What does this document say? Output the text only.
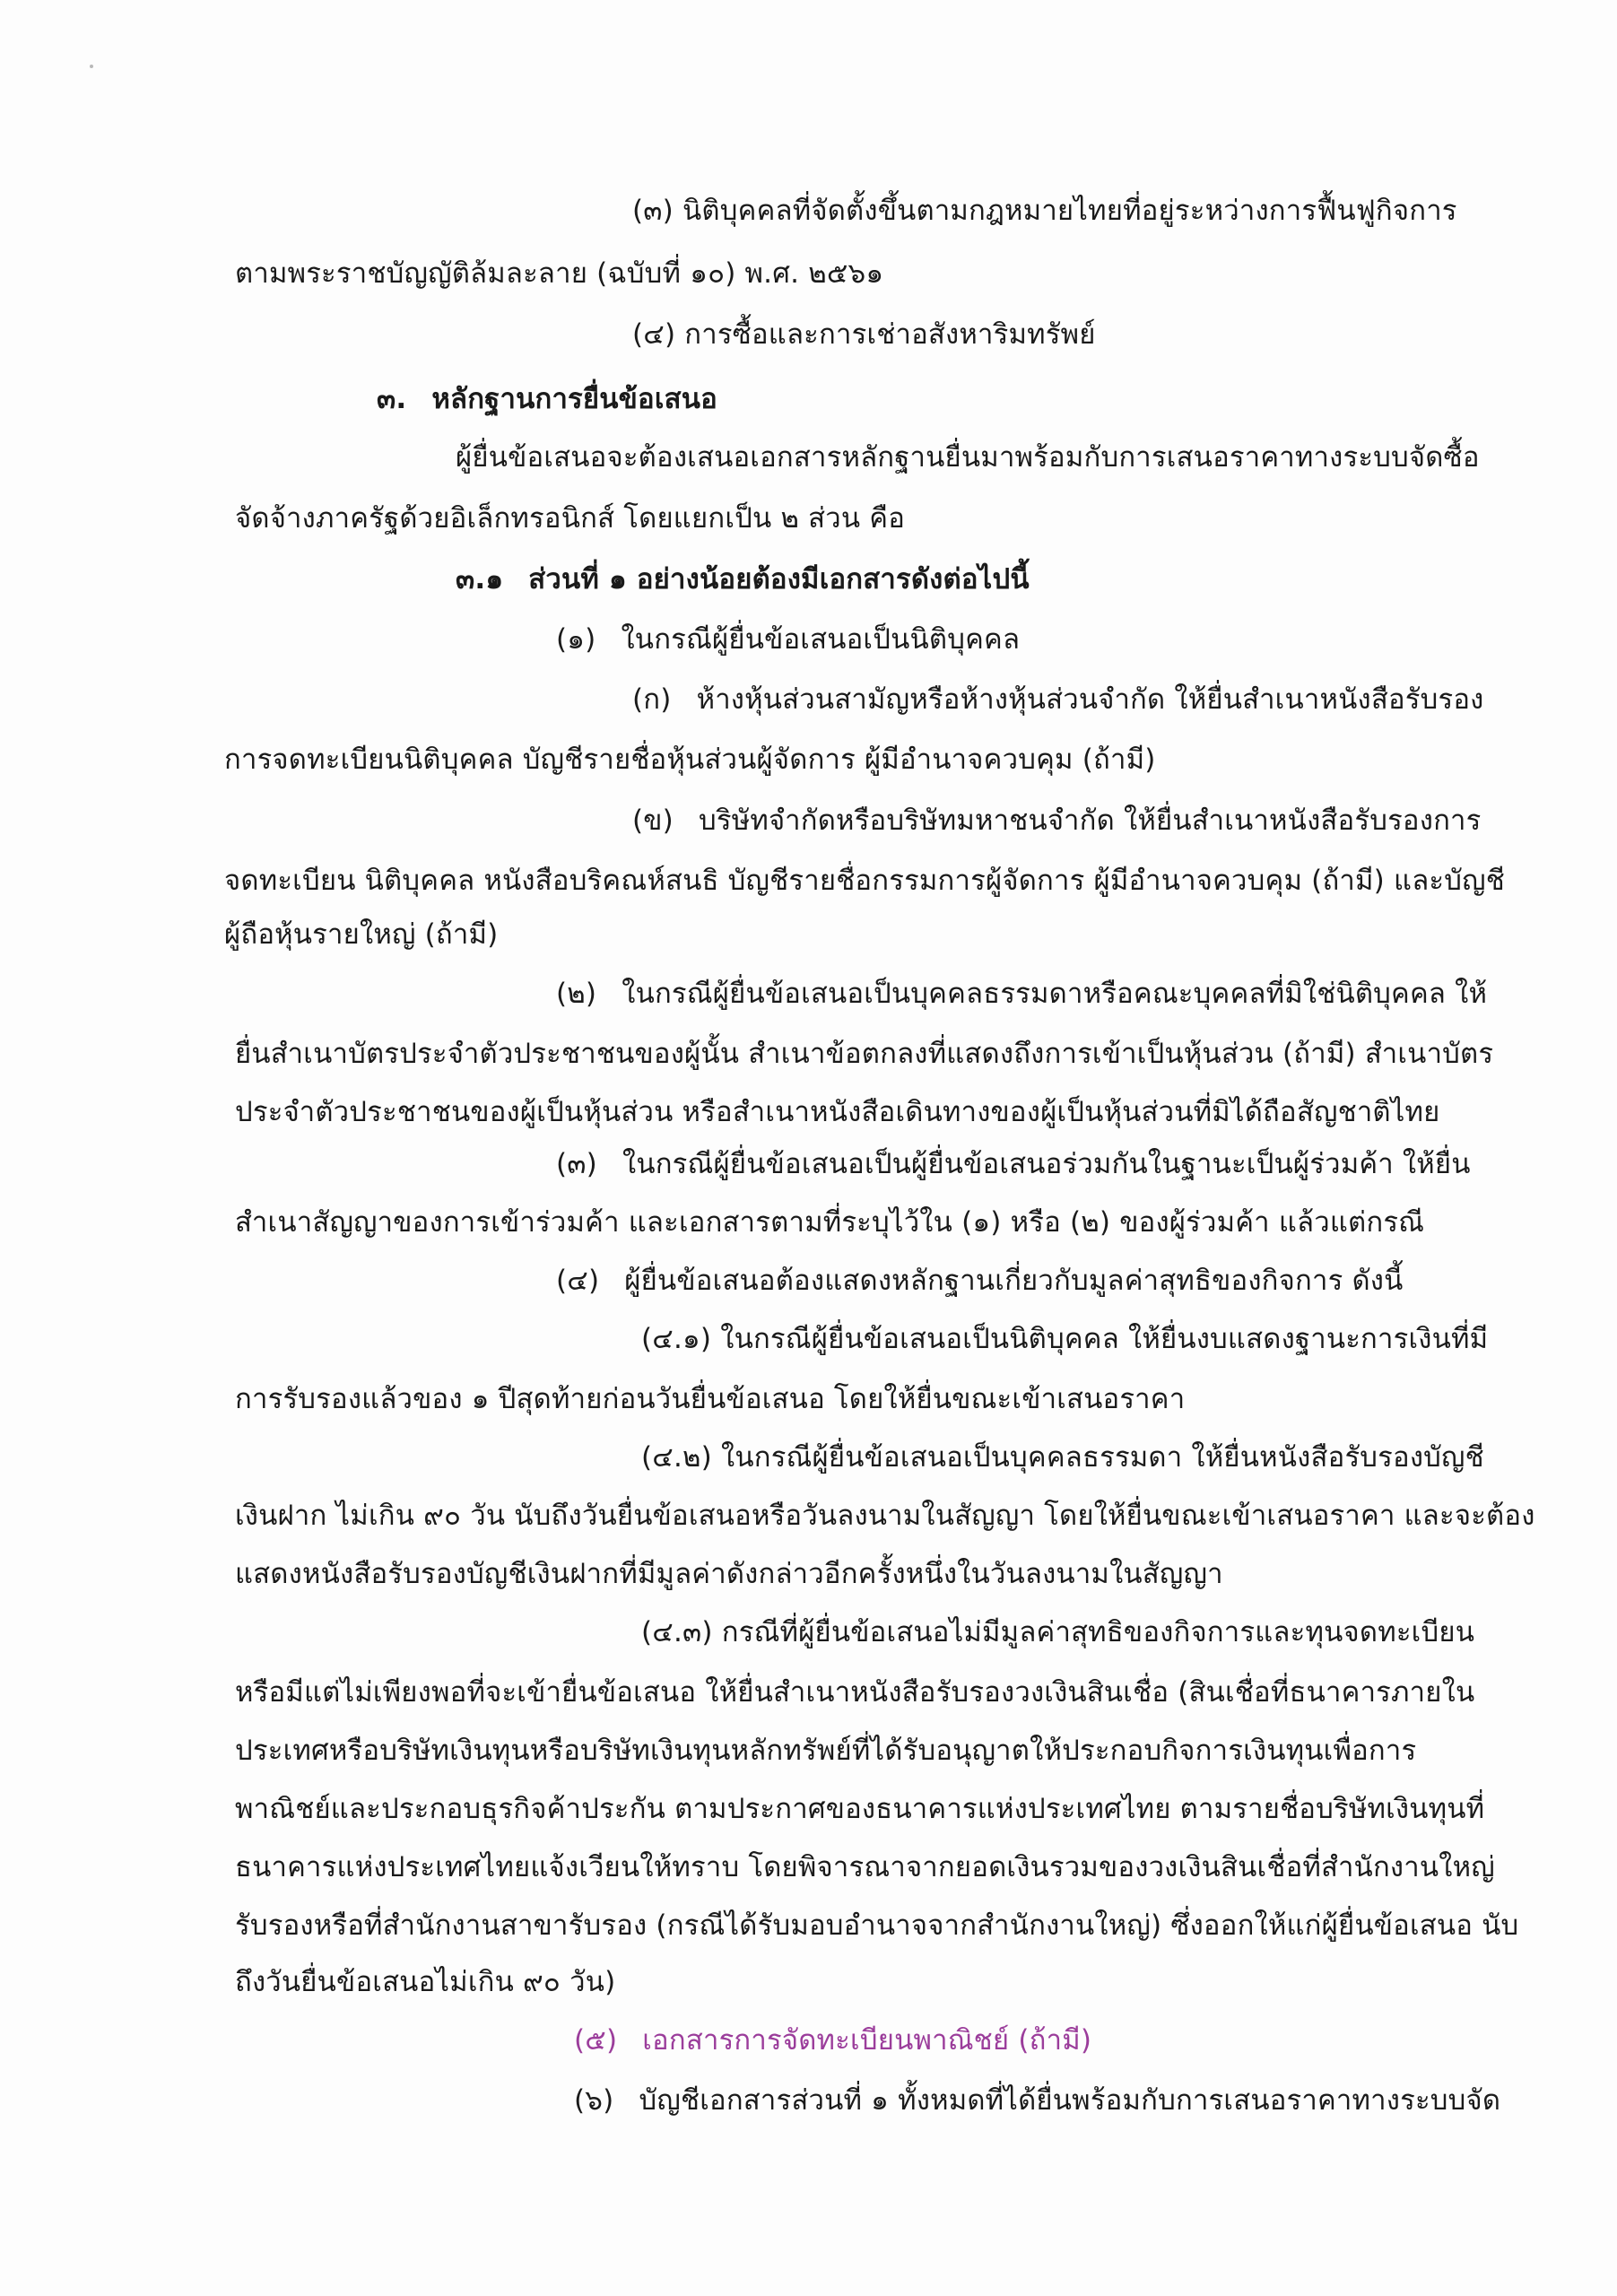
(๓) นิติบุคคลที่จัดตั้งขึ้นตามกฎหมายไทยที่อยู่ระหว่างการฟื้นฟูกิจการ
ตามพระราชบัญญัติล้มละลาย (ฉบับที่ ๑๐) พ.ศ. ๒๕๖๑
(๔) การซื้อและการเช่าอสังหาริมทรัพย์
๓. หลักฐานการยื่นข้อเสนอ
ผู้ยื่นข้อเสนอจะต้องเสนอเอกสารหลักฐานยื่นมาพร้อมกับการเสนอราคาทางระบบจัดซื้อ
จัดจ้างภาครัฐด้วยอิเล็กทรอนิกส์ โดยแยกเป็น ๒ ส่วน คือ
๓.๑ ส่วนที่ ๑ อย่างน้อยต้องมีเอกสารดังต่อไปนี้
(๑) ในกรณีผู้ยื่นข้อเสนอเป็นนิติบุคคล
(ก) ห้างหุ้นส่วนสามัญหรือห้างหุ้นส่วนจำกัด ให้ยื่นสำเนาหนังสือรับรอง
การจดทะเบียนนิติบุคคล บัญชีรายชื่อหุ้นส่วนผู้จัดการ ผู้มีอำนาจควบคุม (ถ้ามี)
(ข) บริษัทจำกัดหรือบริษัทมหาชนจำกัด ให้ยื่นสำเนาหนังสือรับรองการ
จดทะเบียน นิติบุคคล หนังสือบริคณห์สนธิ บัญชีรายชื่อกรรมการผู้จัดการ ผู้มีอำนาจควบคุม (ถ้ามี) และบัญชี
ผู้ถือหุ้นรายใหญ่ (ถ้ามี)
(๒) ในกรณีผู้ยื่นข้อเสนอเป็นบุคคลธรรมดาหรือคณะบุคคลที่มิใช่นิติบุคคล ให้
ยื่นสำเนาบัตรประจำตัวประชาชนของผู้นั้น สำเนาข้อตกลงที่แสดงถึงการเข้าเป็นหุ้นส่วน (ถ้ามี) สำเนาบัตร
ประจำตัวประชาชนของผู้เป็นหุ้นส่วน หรือสำเนาหนังสือเดินทางของผู้เป็นหุ้นส่วนที่มิได้ถือสัญชาติไทย
(๓) ในกรณีผู้ยื่นข้อเสนอเป็นผู้ยื่นข้อเสนอร่วมกันในฐานะเป็นผู้ร่วมค้า ให้ยื่น
สำเนาสัญญาของการเข้าร่วมค้า และเอกสารตามที่ระบุไว้ใน (๑) หรือ (๒) ของผู้ร่วมค้า แล้วแต่กรณี
(๔) ผู้ยื่นข้อเสนอต้องแสดงหลักฐานเกี่ยวกับมูลค่าสุทธิของกิจการ ดังนี้
(๔.๑) ในกรณีผู้ยื่นข้อเสนอเป็นนิติบุคคล ให้ยื่นงบแสดงฐานะการเงินที่มี
การรับรองแล้วของ ๑ ปีสุดท้ายก่อนวันยื่นข้อเสนอ โดยให้ยื่นขณะเข้าเสนอราคา
(๔.๒) ในกรณีผู้ยื่นข้อเสนอเป็นบุคคลธรรมดา ให้ยื่นหนังสือรับรองบัญชี
เงินฝาก ไม่เกิน ๙๐ วัน นับถึงวันยื่นข้อเสนอหรือวันลงนามในสัญญา โดยให้ยื่นขณะเข้าเสนอราคา และจะต้อง
แสดงหนังสือรับรองบัญชีเงินฝากที่มีมูลค่าดังกล่าวอีกครั้งหนึ่งในวันลงนามในสัญญา
(๔.๓) กรณีที่ผู้ยื่นข้อเสนอไม่มีมูลค่าสุทธิของกิจการและทุนจดทะเบียน
หรือมีแต่ไม่เพียงพอที่จะเข้ายื่นข้อเสนอ ให้ยื่นสำเนาหนังสือรับรองวงเงินสินเชื่อ (สินเชื่อที่ธนาคารภายใน
ประเทศหรือบริษัทเงินทุนหรือบริษัทเงินทุนหลักทรัพย์ที่ได้รับอนุญาตให้ประกอบกิจการเงินทุนเพื่อการ
พาณิชย์และประกอบธุรกิจค้าประกัน ตามประกาศของธนาคารแห่งประเทศไทย ตามรายชื่อบริษัทเงินทุนที่
ธนาคารแห่งประเทศไทยแจ้งเวียนให้ทราบ โดยพิจารณาจากยอดเงินรวมของวงเงินสินเชื่อที่สำนักงานใหญ่
รับรองหรือที่สำนักงานสาขารับรอง (กรณีได้รับมอบอำนาจจากสำนักงานใหญ่) ซึ่งออกให้แก่ผู้ยื่นข้อเสนอ นับ
ถึงวันยื่นข้อเสนอไม่เกิน ๙๐ วัน)
(๕) เอกสารการจัดทะเบียนพาณิชย์ (ถ้ามี)
(๖) บัญชีเอกสารส่วนที่ ๑ ทั้งหมดที่ได้ยื่นพร้อมกับการเสนอราคาทางระบบจัด
